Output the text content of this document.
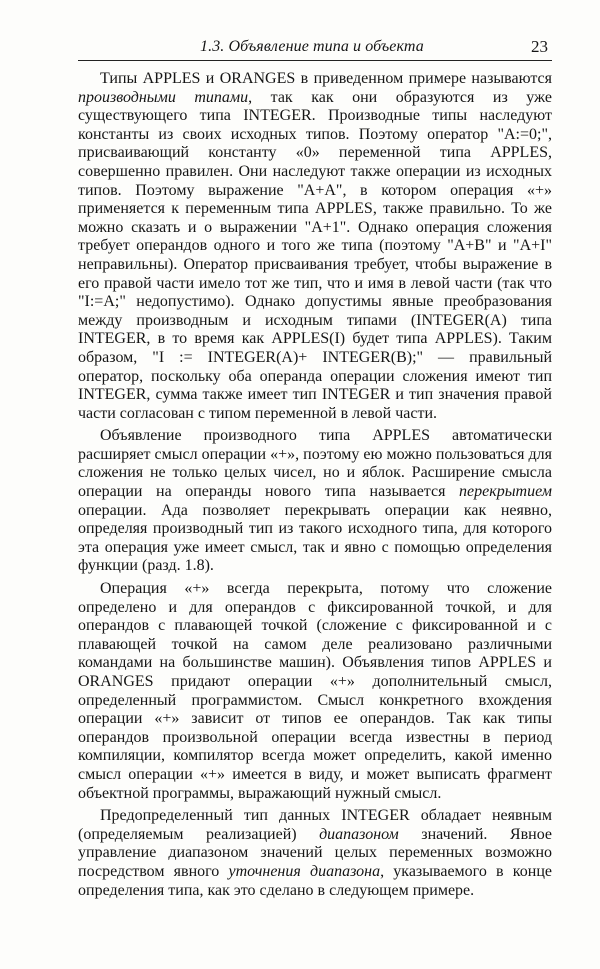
1.3. Объявление типа и объекта	23

Типы APPLES и ORANGES в приведенном примере называются производными типами, так как они образуются из уже существующего типа INTEGER. Производные типы наследуют константы из своих исходных типов. Поэтому оператор "A:=0;", присваивающий константу «0» переменной типа APPLES, совершенно правилен. Они наследуют также операции из исходных типов. Поэтому выражение "A+A", в котором операция «+» применяется к переменным типа APPLES, также правильно. То же можно сказать и о выражении "A+1". Однако операция сложения требует операндов одного и того же типа (поэтому "A+B" и "A+I" неправильны). Оператор присваивания требует, чтобы выражение в его правой части имело тот же тип, что и имя в левой части (так что "I:=A;" недопустимо). Однако допустимы явные преобразования между производным и исходным типами (INTEGER(A) типа INTEGER, в то время как APPLES(I) будет типа APPLES). Таким образом, "I := INTEGER(A)+ INTEGER(B);" — правильный оператор, поскольку оба операнда операции сложения имеют тип INTEGER, сумма также имеет тип INTEGER и тип значения правой части согласован с типом переменной в левой части.

Объявление производного типа APPLES автоматически расширяет смысл операции «+», поэтому ею можно пользоваться для сложения не только целых чисел, но и яблок. Расширение смысла операции на операнды нового типа называется перекрытием операции. Ада позволяет перекрывать операции как неявно, определяя производный тип из такого исходного типа, для которого эта операция уже имеет смысл, так и явно с помощью определения функции (разд. 1.8).

Операция «+» всегда перекрыта, потому что сложение определено и для операндов с фиксированной точкой, и для операндов с плавающей точкой (сложение с фиксированной и с плавающей точкой на самом деле реализовано различными командами на большинстве машин). Объявления типов APPLES и ORANGES придают операции «+» дополнительный смысл, определенный программистом. Смысл конкретного вхождения операции «+» зависит от типов ее операндов. Так как типы операндов произвольной операции всегда известны в период компиляции, компилятор всегда может определить, какой именно смысл операции «+» имеется в виду, и может выписать фрагмент объектной программы, выражающий нужный смысл.

Предопределенный тип данных INTEGER обладает неявным (определяемым реализацией) диапазоном значений. Явное управление диапазоном значений целых переменных возможно посредством явного уточнения диапазона, указываемого в конце определения типа, как это сделано в следующем примере.
